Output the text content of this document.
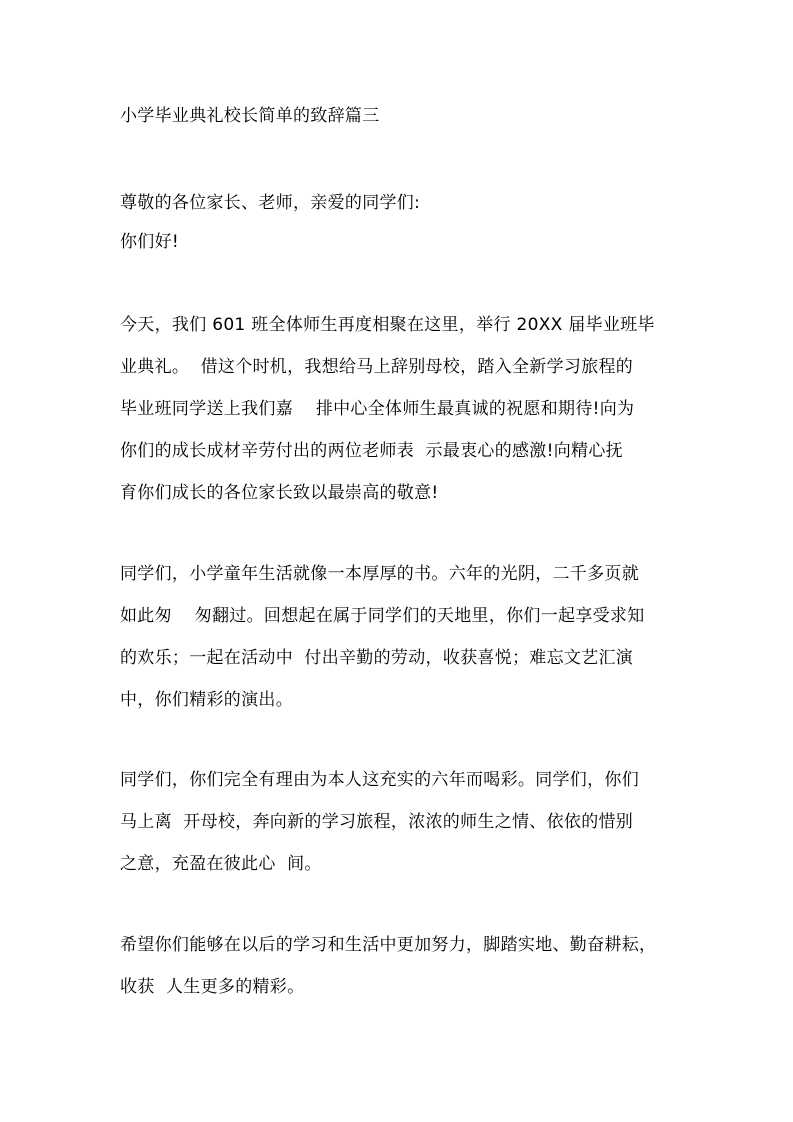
小学毕业典礼校长简单的致辞篇三
尊敬的各位家长、老师，亲爱的同学们:
你们好!
今天，我们 601 班全体师生再度相聚在这里，举行 20XX 届毕业班毕
业典礼。  借这个时机，我想给马上辞别母校，踏入全新学习旅程的
毕业班同学送上我们嘉    排中心全体师生最真诚的祝愿和期待!向为
你们的成长成材辛劳付出的两位老师表  示最衷心的感激!向精心抚
育你们成长的各位家长致以最崇高的敬意!
同学们，小学童年生活就像一本厚厚的书。六年的光阴，二千多页就
如此匆    匆翻过。回想起在属于同学们的天地里，你们一起享受求知
的欢乐；一起在活动中  付出辛勤的劳动，收获喜悦；难忘文艺汇演
中，你们精彩的演出。
同学们，你们完全有理由为本人这充实的六年而喝彩。同学们，你们
马上离  开母校，奔向新的学习旅程，浓浓的师生之情、依依的惜别
之意，充盈在彼此心  间。
希望你们能够在以后的学习和生活中更加努力，脚踏实地、勤奋耕耘，
收获  人生更多的精彩。
